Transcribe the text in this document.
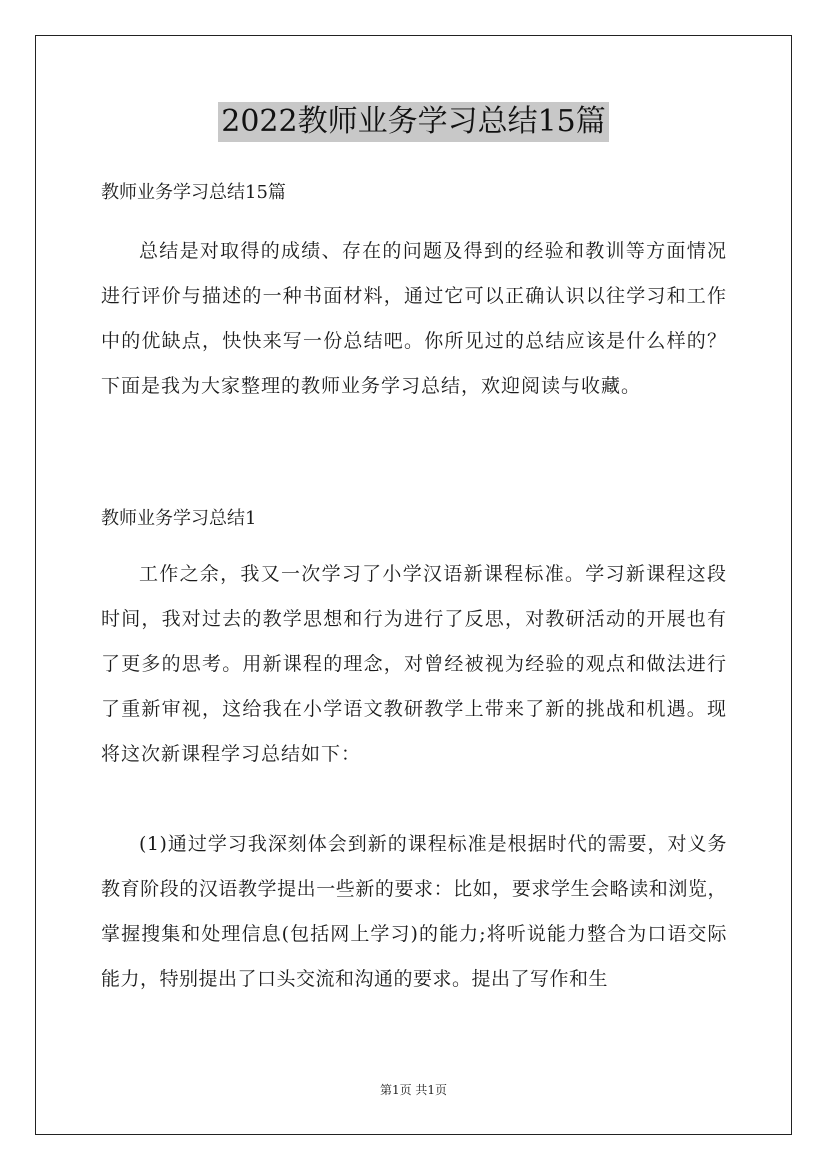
2022教师业务学习总结15篇

教师业务学习总结15篇

总结是对取得的成绩、存在的问题及得到的经验和教训等方面情况进行评价与描述的一种书面材料，通过它可以正确认识以往学习和工作中的优缺点，快快来写一份总结吧。你所见过的总结应该是什么样的？下面是我为大家整理的教师业务学习总结，欢迎阅读与收藏。

教师业务学习总结1

工作之余，我又一次学习了小学汉语新课程标准。学习新课程这段时间，我对过去的教学思想和行为进行了反思，对教研活动的开展也有了更多的思考。用新课程的理念，对曾经被视为经验的观点和做法进行了重新审视，这给我在小学语文教研教学上带来了新的挑战和机遇。现将这次新课程学习总结如下：

(1)通过学习我深刻体会到新的课程标准是根据时代的需要，对义务教育阶段的汉语教学提出一些新的要求：比如，要求学生会略读和浏览，掌握搜集和处理信息(包括网上学习)的能力;将听说能力整合为口语交际能力，特别提出了口头交流和沟通的要求。提出了写作和生

第1页 共1页
